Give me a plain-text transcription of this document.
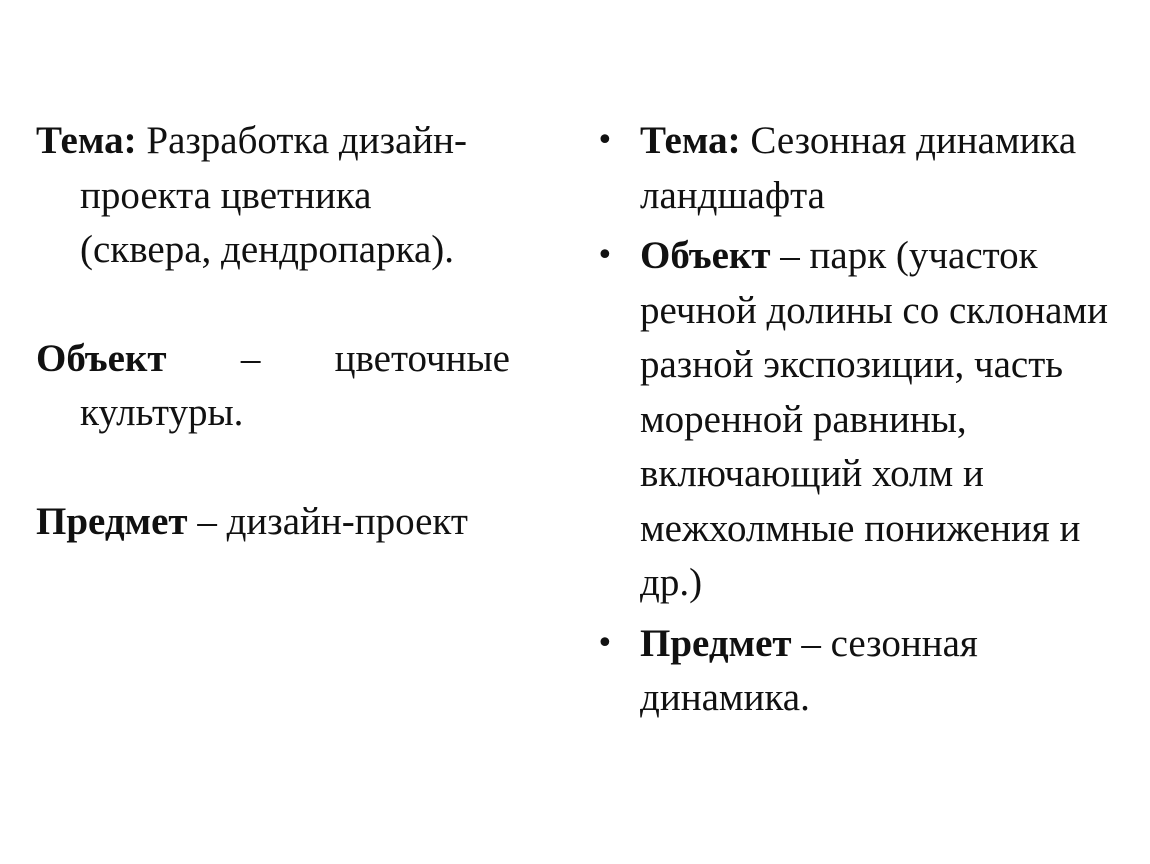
Тема: Разработка дизайн-проекта цветника (сквера, дендропарка).

Объект – цветочные культуры.

Предмет – дизайн-проект

• Тема: Сезонная динамика ландшафта

• Объект – парк (участок речной долины со склонами разной экспозиции, часть моренной равнины, включающий холм и межхолмные понижения и др.)

• Предмет – сезонная динамика.
